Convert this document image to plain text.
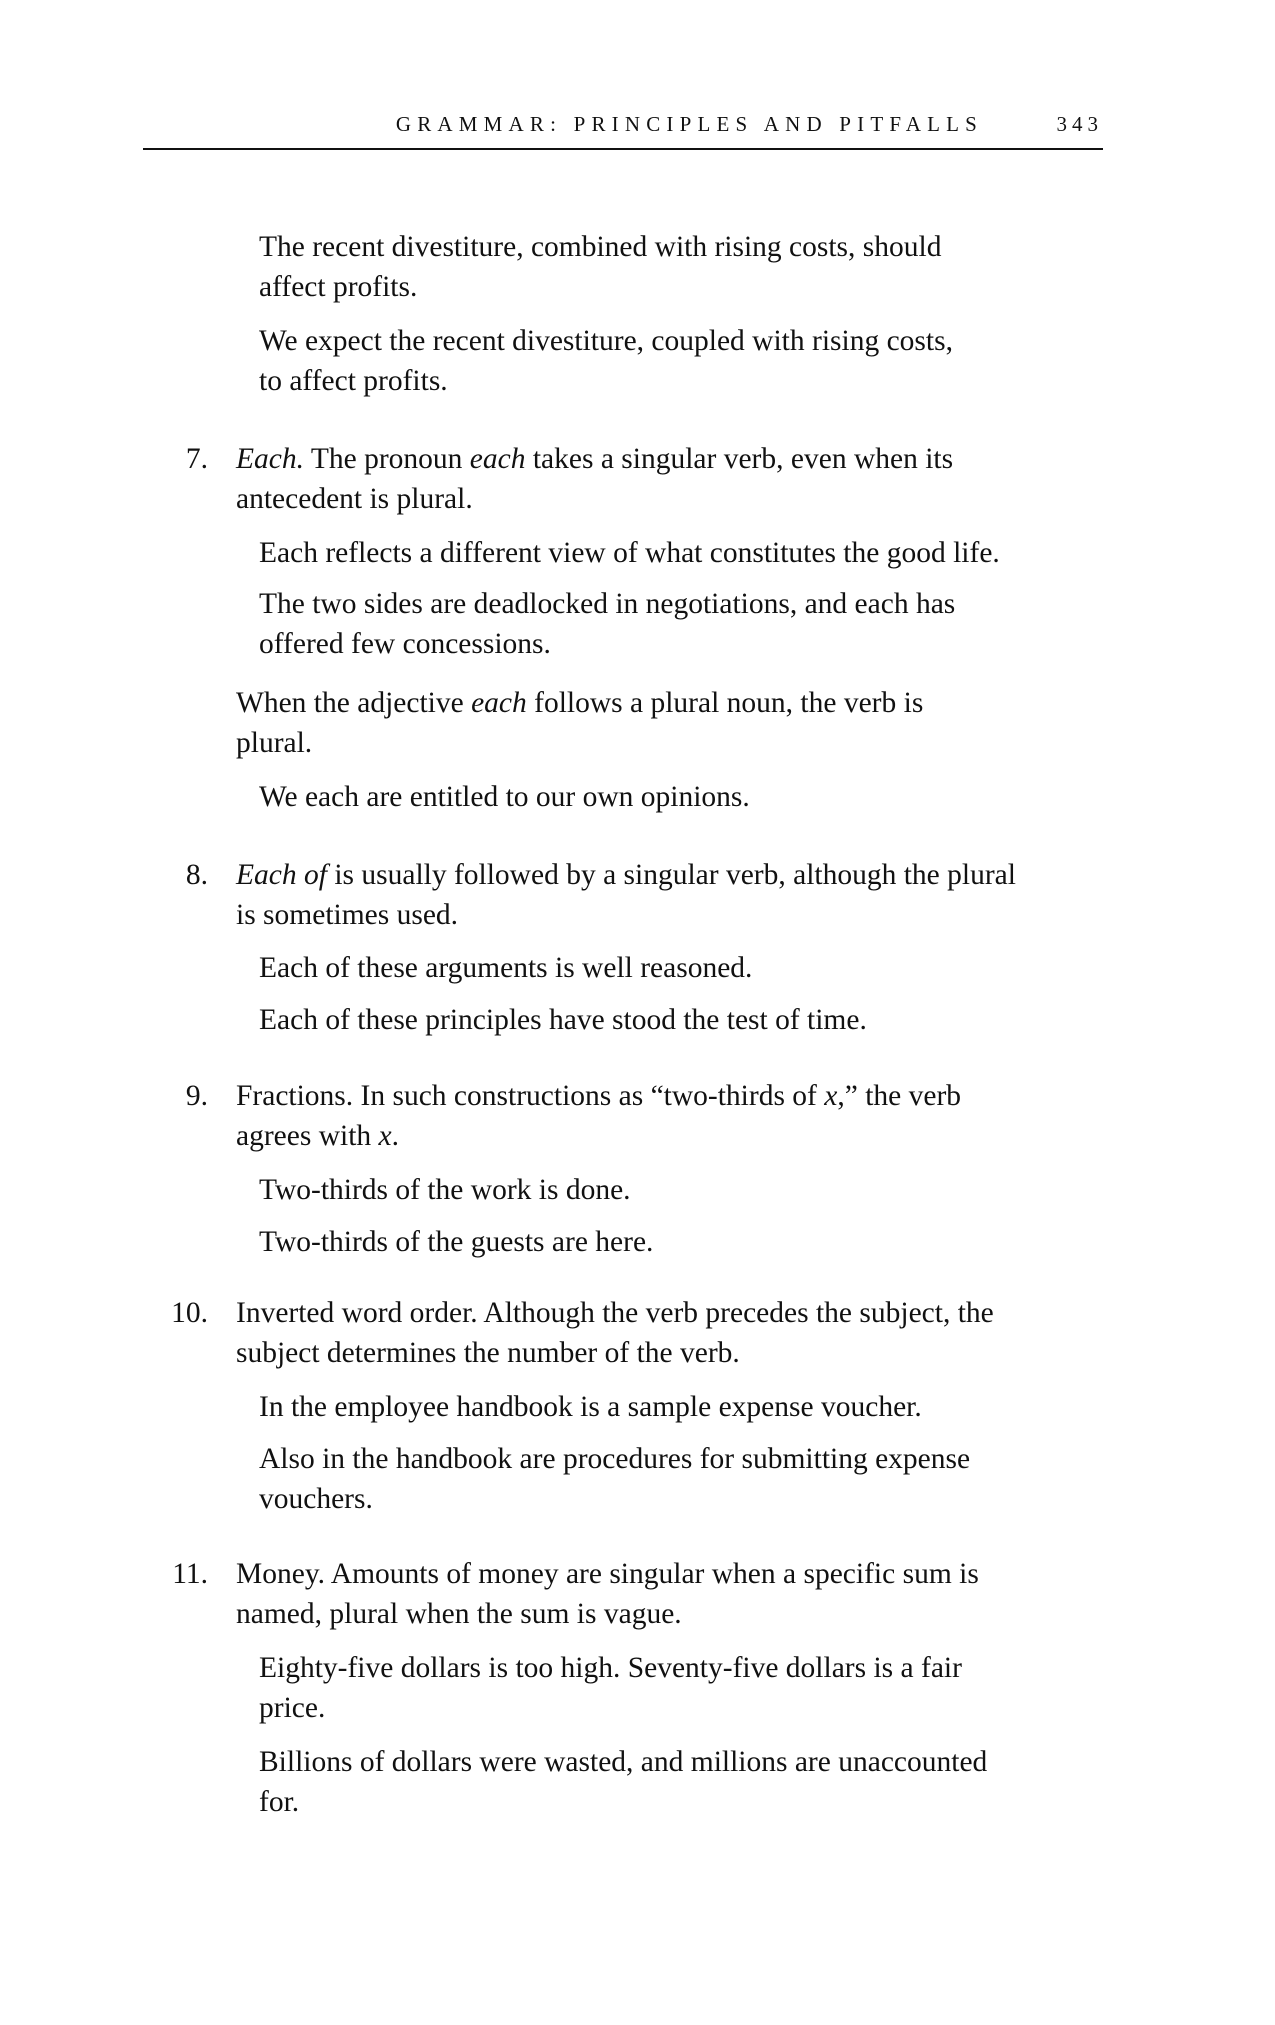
GRAMMAR: PRINCIPLES AND PITFALLS	343

The recent divestiture, combined with rising costs, should
affect profits.

We expect the recent divestiture, coupled with rising costs,
to affect profits.

7. Each. The pronoun each takes a singular verb, even when its
antecedent is plural.

Each reflects a different view of what constitutes the good life.

The two sides are deadlocked in negotiations, and each has
offered few concessions.

When the adjective each follows a plural noun, the verb is
plural.

We each are entitled to our own opinions.

8. Each of is usually followed by a singular verb, although the plural
is sometimes used.

Each of these arguments is well reasoned.

Each of these principles have stood the test of time.

9. Fractions. In such constructions as “two-thirds of x,” the verb
agrees with x.

Two-thirds of the work is done.

Two-thirds of the guests are here.

10. Inverted word order. Although the verb precedes the subject, the
subject determines the number of the verb.

In the employee handbook is a sample expense voucher.

Also in the handbook are procedures for submitting expense
vouchers.

11. Money. Amounts of money are singular when a specific sum is
named, plural when the sum is vague.

Eighty-five dollars is too high. Seventy-five dollars is a fair
price.

Billions of dollars were wasted, and millions are unaccounted
for.
